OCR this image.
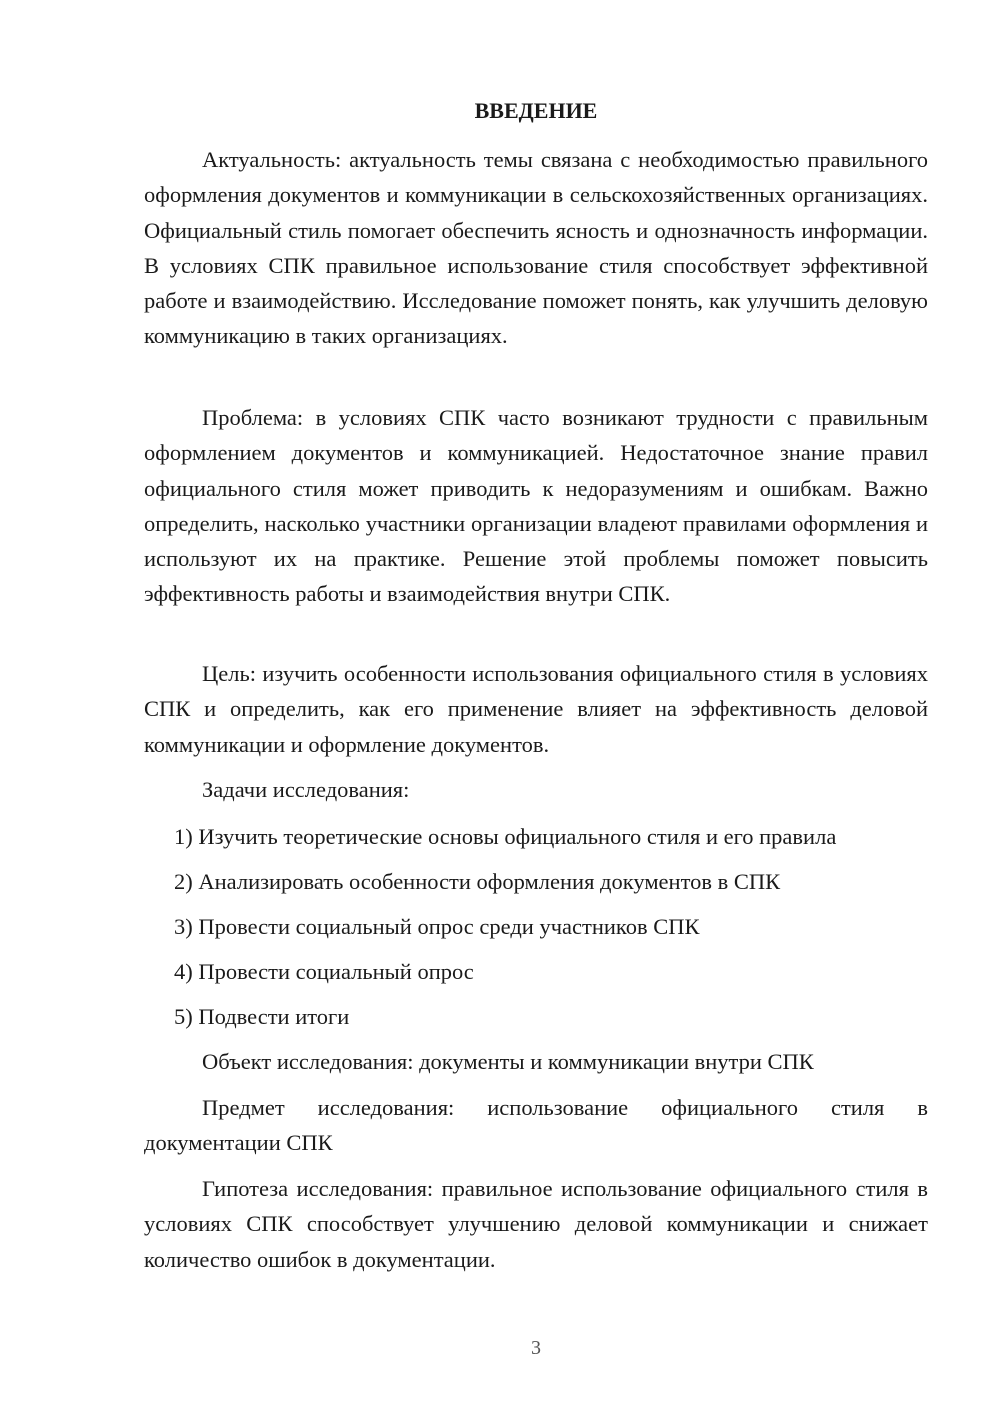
ВВЕДЕНИЕ

Актуальность: актуальность темы связана с необходимостью правильного оформления документов и коммуникации в сельскохозяйственных организациях. Официальный стиль помогает обеспечить ясность и однозначность информации. В условиях СПК правильное использование стиля способствует эффективной работе и взаимодействию. Исследование поможет понять, как улучшить деловую коммуникацию в таких организациях.

Проблема: в условиях СПК часто возникают трудности с правильным оформлением документов и коммуникацией. Недостаточное знание правил официального стиля может приводить к недоразумениям и ошибкам. Важно определить, насколько участники организации владеют правилами оформления и используют их на практике. Решение этой проблемы поможет повысить эффективность работы и взаимодействия внутри СПК.

Цель: изучить особенности использования официального стиля в условиях СПК и определить, как его применение влияет на эффективность деловой коммуникации и оформление документов.

Задачи исследования:

1) Изучить теоретические основы официального стиля и его правила

2) Анализировать особенности оформления документов в СПК

3) Провести социальный опрос среди участников СПК

4) Провести социальный опрос

5) Подвести итоги

Объект исследования: документы и коммуникации внутри СПК

Предмет исследования: использование официального стиля в документации СПК

Гипотеза исследования: правильное использование официального стиля в условиях СПК способствует улучшению деловой коммуникации и снижает количество ошибок в документации.

3
